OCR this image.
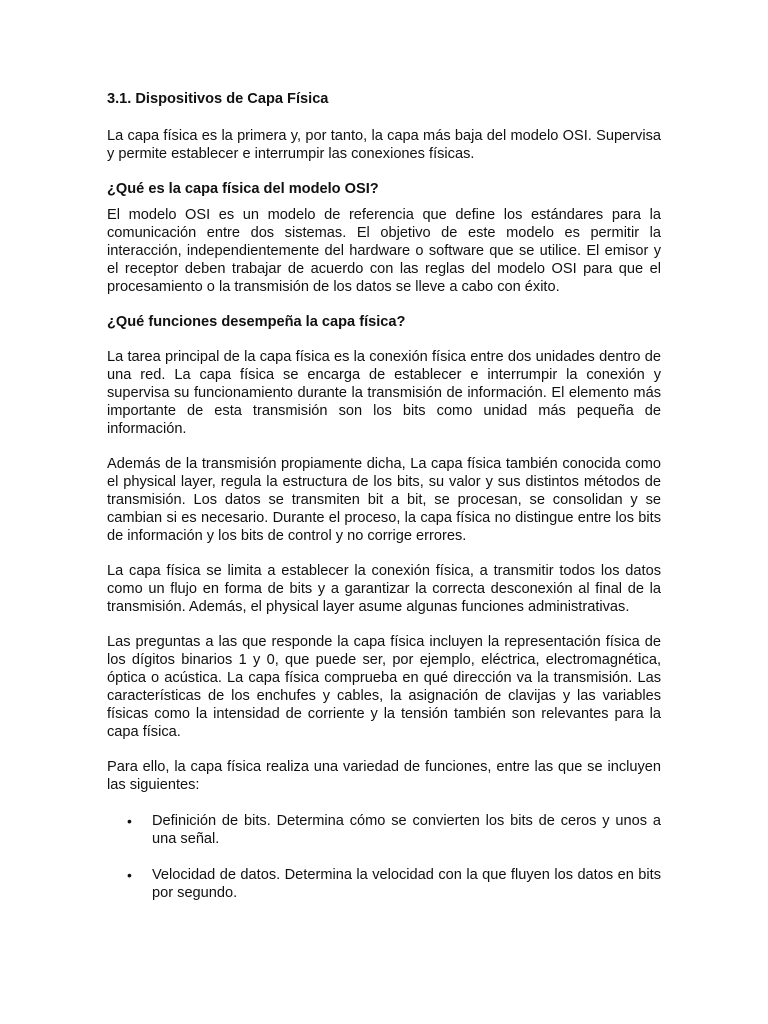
3.1. Dispositivos de Capa Física

La capa física es la primera y, por tanto, la capa más baja del modelo OSI. Supervisa y permite establecer e interrumpir las conexiones físicas.

¿Qué es la capa física del modelo OSI?

El modelo OSI es un modelo de referencia que define los estándares para la comunicación entre dos sistemas. El objetivo de este modelo es permitir la interacción, independientemente del hardware o software que se utilice. El emisor y el receptor deben trabajar de acuerdo con las reglas del modelo OSI para que el procesamiento o la transmisión de los datos se lleve a cabo con éxito.

¿Qué funciones desempeña la capa física?

La tarea principal de la capa física es la conexión física entre dos unidades dentro de una red. La capa física se encarga de establecer e interrumpir la conexión y supervisa su funcionamiento durante la transmisión de información. El elemento más importante de esta transmisión son los bits como unidad más pequeña de información.

Además de la transmisión propiamente dicha, La capa física también conocida como el physical layer, regula la estructura de los bits, su valor y sus distintos métodos de transmisión. Los datos se transmiten bit a bit, se procesan, se consolidan y se cambian si es necesario. Durante el proceso, la capa física no distingue entre los bits de información y los bits de control y no corrige errores.

La capa física se limita a establecer la conexión física, a transmitir todos los datos como un flujo en forma de bits y a garantizar la correcta desconexión al final de la transmisión. Además, el physical layer asume algunas funciones administrativas.

Las preguntas a las que responde la capa física incluyen la representación física de los dígitos binarios 1 y 0, que puede ser, por ejemplo, eléctrica, electromagnética, óptica o acústica. La capa física comprueba en qué dirección va la transmisión. Las características de los enchufes y cables, la asignación de clavijas y las variables físicas como la intensidad de corriente y la tensión también son relevantes para la capa física.

Para ello, la capa física realiza una variedad de funciones, entre las que se incluyen las siguientes:

• Definición de bits. Determina cómo se convierten los bits de ceros y unos a una señal.
• Velocidad de datos. Determina la velocidad con la que fluyen los datos en bits por segundo.
